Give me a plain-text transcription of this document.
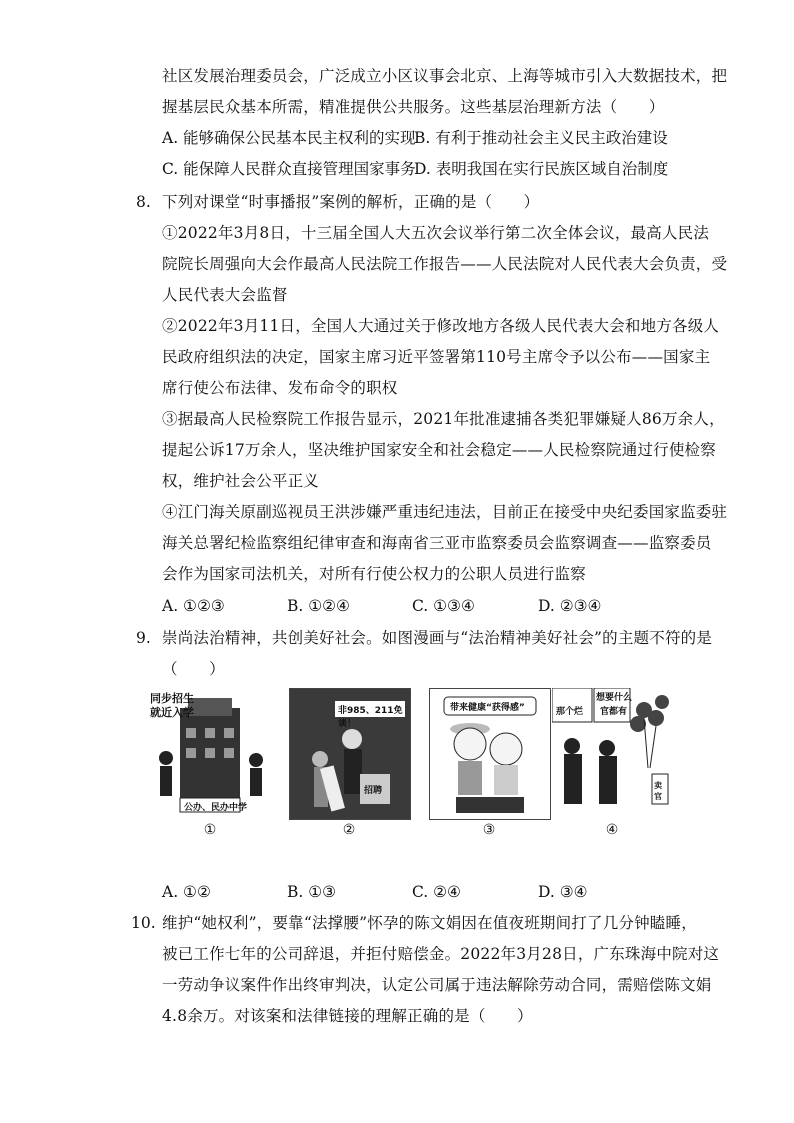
社区发展治理委员会，广泛成立小区议事会北京、上海等城市引入大数据技术，把
握基层民众基本所需，精准提供公共服务。这些基层治理新方法（　　）
A. 能够确保公民基本民主权利的实现
B. 有利于推动社会主义民主政治建设
C. 能保障人民群众直接管理国家事务
D. 表明我国在实行民族区域自治制度
8. 下列对课堂“时事播报”案例的解析，正确的是（　　）
①2022年3月8日，十三届全国人大五次会议举行第二次全体会议，最高人民法
院院长周强向大会作最高人民法院工作报告——人民法院对人民代表大会负责，受
人民代表大会监督
②2022年3月11日，全国人大通过关于修改地方各级人民代表大会和地方各级人
民政府组织法的决定，国家主席习近平签署第110号主席令予以公布——国家主
席行使公布法律、发布命令的职权
③据最高人民检察院工作报告显示，2021年批准逮捕各类犯罪嫌疑人86万余人，
提起公诉17万余人，坚决维护国家安全和社会稳定——人民检察院通过行使检察
权，维护社会公平正义
④江门海关原副巡视员王洪涉嫌严重违纪违法，目前正在接受中央纪委国家监委驻
海关总署纪检监察组纪律审查和海南省三亚市监察委员会监察调查——监察委员
会作为国家司法机关，对所有行使公权力的公职人员进行监察
A. ①②③	B. ①②④	C. ①③④	D. ②③④
9. 崇尚法治精神，共创美好社会。如图漫画与“法治精神美好社会”的主题不符的是
（　　）
同步招生
就近入学
公办、民办中学
非985、211免谈！
招聘
带来健康“获得感”
想要什么
那个烂 官都有
卖官
①	②	③	④
A. ①②	B. ①③	C. ②④	D. ③④
10. 维护“她权利”，要靠“法撑腰”怀孕的陈文娟因在值夜班期间打了几分钟瞌睡，
被已工作七年的公司辞退，并拒付赔偿金。2022年3月28日，广东珠海中院对这
一劳动争议案件作出终审判决，认定公司属于违法解除劳动合同，需赔偿陈文娟
4.8余万。对该案和法律链接的理解正确的是（　　）
